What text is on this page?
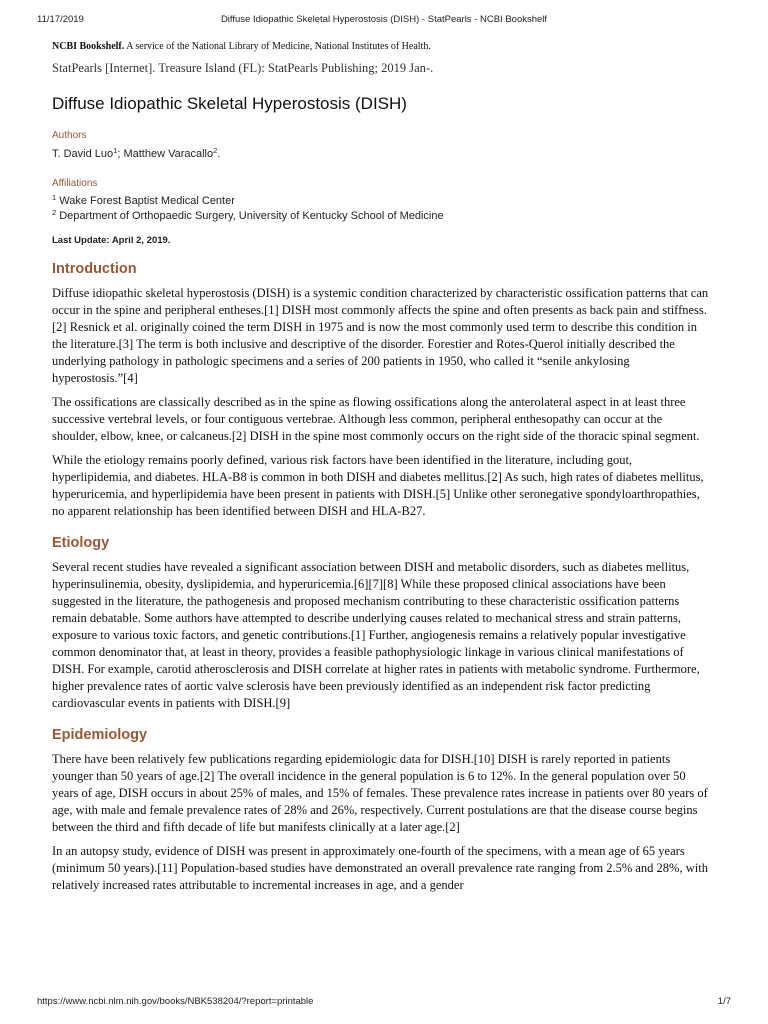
11/17/2019	Diffuse Idiopathic Skeletal Hyperostosis (DISH) - StatPearls - NCBI Bookshelf

NCBI Bookshelf. A service of the National Library of Medicine, National Institutes of Health.

StatPearls [Internet]. Treasure Island (FL): StatPearls Publishing; 2019 Jan-.

Diffuse Idiopathic Skeletal Hyperostosis (DISH)
Authors

T. David Luo$^1$; Matthew Varacallo$^2$.

Affiliations

$^1$ Wake Forest Baptist Medical Center

$^2$ Department of Orthopaedic Surgery, University of Kentucky School of Medicine

Last Update: April 2, 2019.

Introduction

Diffuse idiopathic skeletal hyperostosis (DISH) is a systemic condition characterized by characteristic ossification patterns that can occur in the spine and peripheral entheses.[1] DISH most commonly affects the spine and often presents as back pain and stiffness.[2] Resnick et al. originally coined the term DISH in 1975 and is now the most commonly used term to describe this condition in the literature.[3] The term is both inclusive and descriptive of the disorder. Forestier and Rotes-Querol initially described the underlying pathology in pathologic specimens and a series of 200 patients in 1950, who called it “senile ankylosing hyperostosis.”[4]

The ossifications are classically described as in the spine as flowing ossifications along the anterolateral aspect in at least three successive vertebral levels, or four contiguous vertebrae. Although less common, peripheral enthesopathy can occur at the shoulder, elbow, knee, or calcaneus.[2] DISH in the spine most commonly occurs on the right side of the thoracic spinal segment.

While the etiology remains poorly defined, various risk factors have been identified in the literature, including gout, hyperlipidemia, and diabetes. HLA-B8 is common in both DISH and diabetes mellitus.[2] As such, high rates of diabetes mellitus, hyperuricemia, and hyperlipidemia have been present in patients with DISH.[5] Unlike other seronegative spondyloarthropathies, no apparent relationship has been identified between DISH and HLA-B27.

Etiology

Several recent studies have revealed a significant association between DISH and metabolic disorders, such as diabetes mellitus, hyperinsulinemia, obesity, dyslipidemia, and hyperuricemia.[6][7][8] While these proposed clinical associations have been suggested in the literature, the pathogenesis and proposed mechanism contributing to these characteristic ossification patterns remain debatable. Some authors have attempted to describe underlying causes related to mechanical stress and strain patterns, exposure to various toxic factors, and genetic contributions.[1] Further, angiogenesis remains a relatively popular investigative common denominator that, at least in theory, provides a feasible pathophysiologic linkage in various clinical manifestations of DISH. For example, carotid atherosclerosis and DISH correlate at higher rates in patients with metabolic syndrome. Furthermore, higher prevalence rates of aortic valve sclerosis have been previously identified as an independent risk factor predicting cardiovascular events in patients with DISH.[9]

Epidemiology

There have been relatively few publications regarding epidemiologic data for DISH.[10] DISH is rarely reported in patients younger than 50 years of age.[2] The overall incidence in the general population is 6 to 12%. In the general population over 50 years of age, DISH occurs in about 25% of males, and 15% of females. These prevalence rates increase in patients over 80 years of age, with male and female prevalence rates of 28% and 26%, respectively. Current postulations are that the disease course begins between the third and fifth decade of life but manifests clinically at a later age.[2]

In an autopsy study, evidence of DISH was present in approximately one-fourth of the specimens, with a mean age of 65 years (minimum 50 years).[11] Population-based studies have demonstrated an overall prevalence rate ranging from 2.5% and 28%, with relatively increased rates attributable to incremental increases in age, and a gender

https://www.ncbi.nlm.nih.gov/books/NBK538204/?report=printable	1/7
